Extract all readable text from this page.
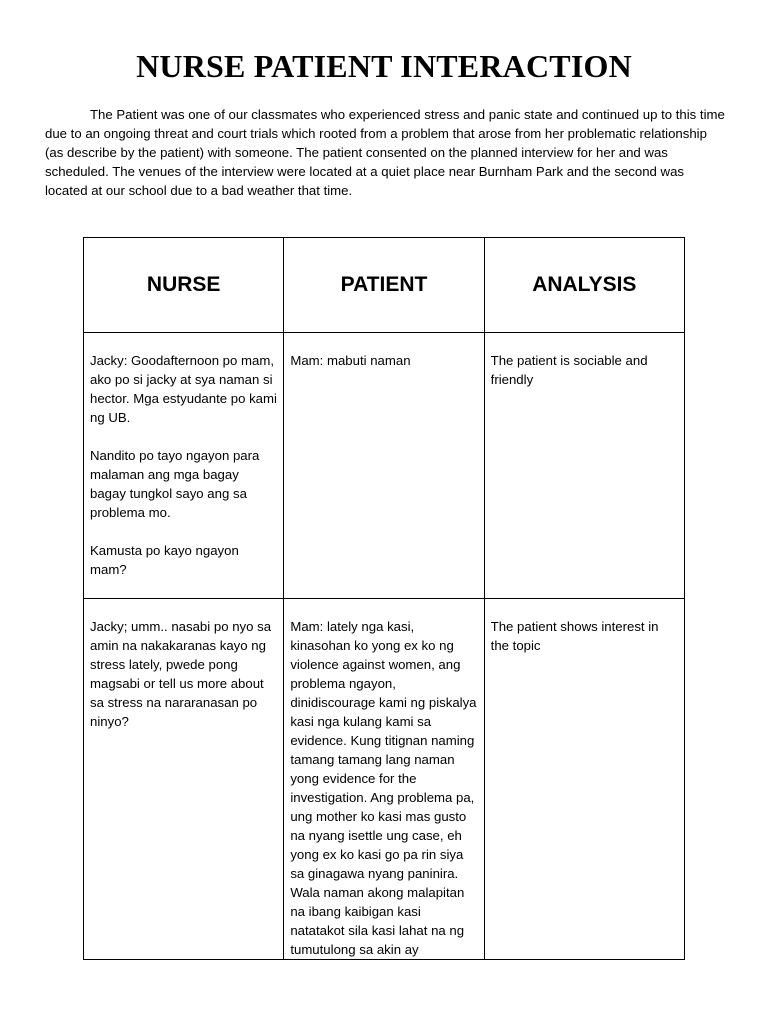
NURSE PATIENT INTERACTION

The Patient was one of our classmates who experienced stress and panic state and continued up to this time due to an ongoing threat and court trials which rooted from a problem that arose from her problematic relationship (as describe by the patient) with someone. The patient consented on the planned interview for her and was scheduled. The venues of the interview were located at a quiet place near Burnham Park and the second was located at our school due to a bad weather that time.

NURSE	PATIENT	ANALYSIS

Jacky: Goodafternoon po mam, ako po si jacky at sya naman si hector. Mga estyudante po kami ng UB.
Nandito po tayo ngayon para malaman ang mga bagay bagay tungkol sayo ang sa problema mo.
Kamusta po kayo ngayon mam?	Mam: mabuti naman	The patient is sociable and friendly

Jacky; umm.. nasabi po nyo sa amin na nakakaranas kayo ng stress lately, pwede pong magsabi or tell us more about sa stress na nararanasan po ninyo?	Mam: lately nga kasi, kinasohan ko yong ex ko ng violence against women, ang problema ngayon, dinidiscourage kami ng piskalya kasi nga kulang kami sa evidence. Kung titignan naming tamang tamang lang naman yong evidence for the investigation. Ang problema pa, ung mother ko kasi mas gusto na nyang isettle ung case, eh yong ex ko kasi go pa rin siya sa ginagawa nyang paninira. Wala naman akong malapitan na ibang kaibigan kasi natatakot sila kasi lahat na ng tumutulong sa akin ay	The patient shows interest in the topic
